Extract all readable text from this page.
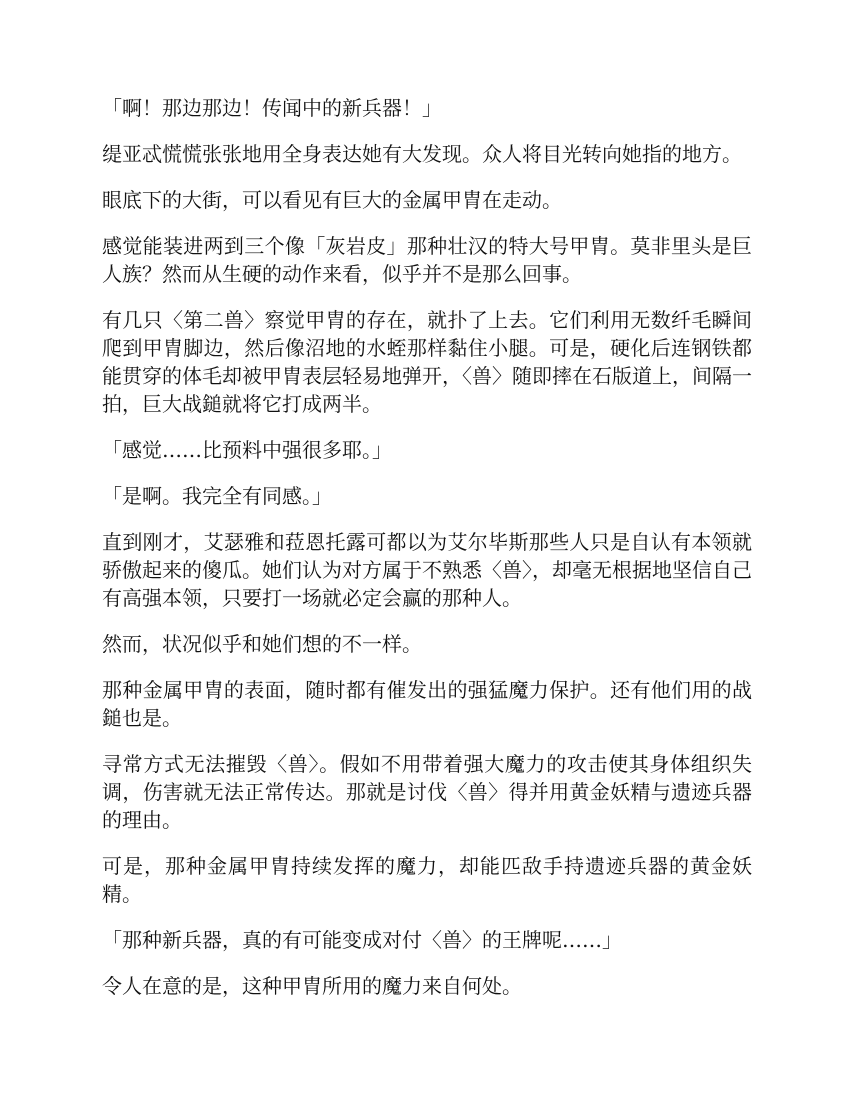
「啊！那边那边！传闻中的新兵器！」

缇亚忒慌慌张张地用全身表达她有大发现。众人将目光转向她指的地方。

眼底下的大街，可以看见有巨大的金属甲胄在走动。

感觉能装进两到三个像「灰岩皮」那种壮汉的特大号甲胄。莫非里头是巨人族？然而从生硬的动作来看，似乎并不是那么回事。

有几只〈第二兽〉察觉甲胄的存在，就扑了上去。它们利用无数纤毛瞬间爬到甲胄脚边，然后像沼地的水蛭那样黏住小腿。可是，硬化后连钢铁都能贯穿的体毛却被甲胄表层轻易地弹开，〈兽〉随即摔在石版道上，间隔一拍，巨大战鎚就将它打成两半。

「感觉……比预料中强很多耶。」

「是啊。我完全有同感。」

直到刚才，艾瑟雅和菈恩托露可都以为艾尔毕斯那些人只是自认有本领就骄傲起来的傻瓜。她们认为对方属于不熟悉〈兽〉，却毫无根据地坚信自己有高强本领，只要打一场就必定会赢的那种人。

然而，状况似乎和她们想的不一样。

那种金属甲胄的表面，随时都有催发出的强猛魔力保护。还有他们用的战鎚也是。

寻常方式无法摧毁〈兽〉。假如不用带着强大魔力的攻击使其身体组织失调，伤害就无法正常传达。那就是讨伐〈兽〉得并用黄金妖精与遗迹兵器的理由。

可是，那种金属甲胄持续发挥的魔力，却能匹敌手持遗迹兵器的黄金妖精。

「那种新兵器，真的有可能变成对付〈兽〉的王牌呢……」

令人在意的是，这种甲胄所用的魔力来自何处。
